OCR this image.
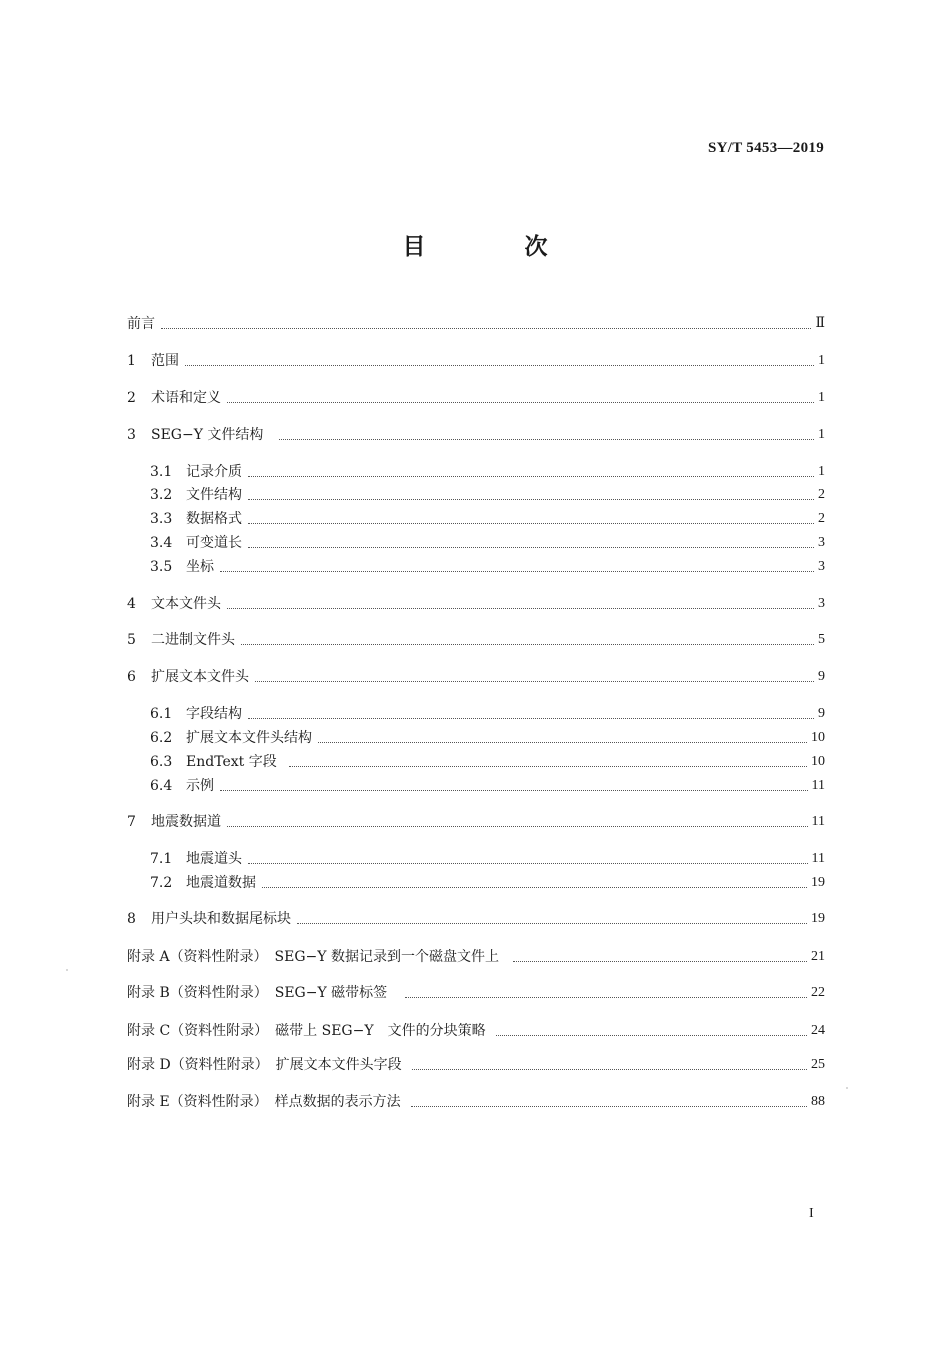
SY/T 5453—2019
目　次
前言	Ⅱ
1	范围	1
2	术语和定义	1
3	SEG−Y 文件结构	1
3.1 记录介质	1
3.2 文件结构	2
3.3 数据格式	2
3.4 可变道长	3
3.5 坐标	3
4	文本文件头	3
5	二进制文件头	5
6	扩展文本文件头	9
6.1 字段结构	9
6.2 扩展文本文件头结构	10
6.3 EndText 字段	10
6.4 示例	11
7	地震数据道	11
7.1 地震道头	11
7.2 地震道数据	19
8	用户头块和数据尾标块	19
附录 A （资料性附录）　SEG−Y 数据记录到一个磁盘文件上	21
附录 B （资料性附录）　SEG−Y 磁带标签	22
附录 C （资料性附录）　磁带上 SEG−Y　文件的分块策略	24
附录 D （资料性附录）　扩展文本文件头字段	25
附录 E （资料性附录）　样点数据的表示方法	88
I
